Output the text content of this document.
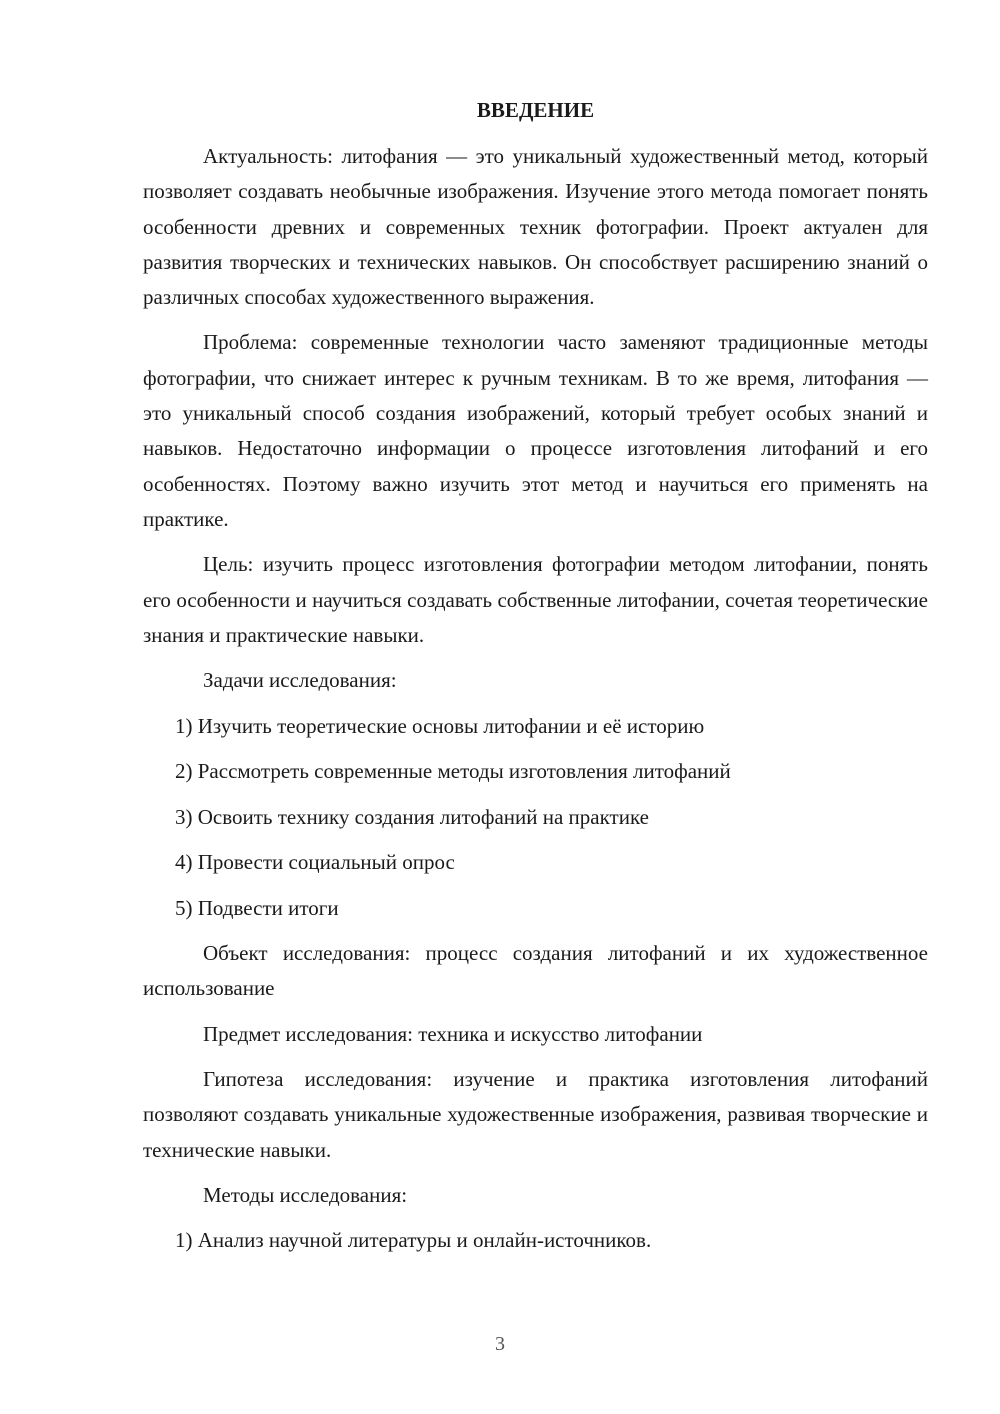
ВВЕДЕНИЕ

Актуальность: литофания — это уникальный художественный метод, который позволяет создавать необычные изображения. Изучение этого метода помогает понять особенности древних и современных техник фотографии. Проект актуален для развития творческих и технических навыков. Он способствует расширению знаний о различных способах художественного выражения.

Проблема: современные технологии часто заменяют традиционные методы фотографии, что снижает интерес к ручным техникам. В то же время, литофания — это уникальный способ создания изображений, который требует особых знаний и навыков. Недостаточно информации о процессе изготовления литофаний и его особенностях. Поэтому важно изучить этот метод и научиться его применять на практике.

Цель: изучить процесс изготовления фотографии методом литофании, понять его особенности и научиться создавать собственные литофании, сочетая теоретические знания и практические навыки.

Задачи исследования:
1) Изучить теоретические основы литофании и её историю
2) Рассмотреть современные методы изготовления литофаний
3) Освоить технику создания литофаний на практике
4) Провести социальный опрос
5) Подвести итоги

Объект исследования: процесс создания литофаний и их художественное использование

Предмет исследования: техника и искусство литофании

Гипотеза исследования: изучение и практика изготовления литофаний позволяют создавать уникальные художественные изображения, развивая творческие и технические навыки.

Методы исследования:
1) Анализ научной литературы и онлайн-источников.
3
